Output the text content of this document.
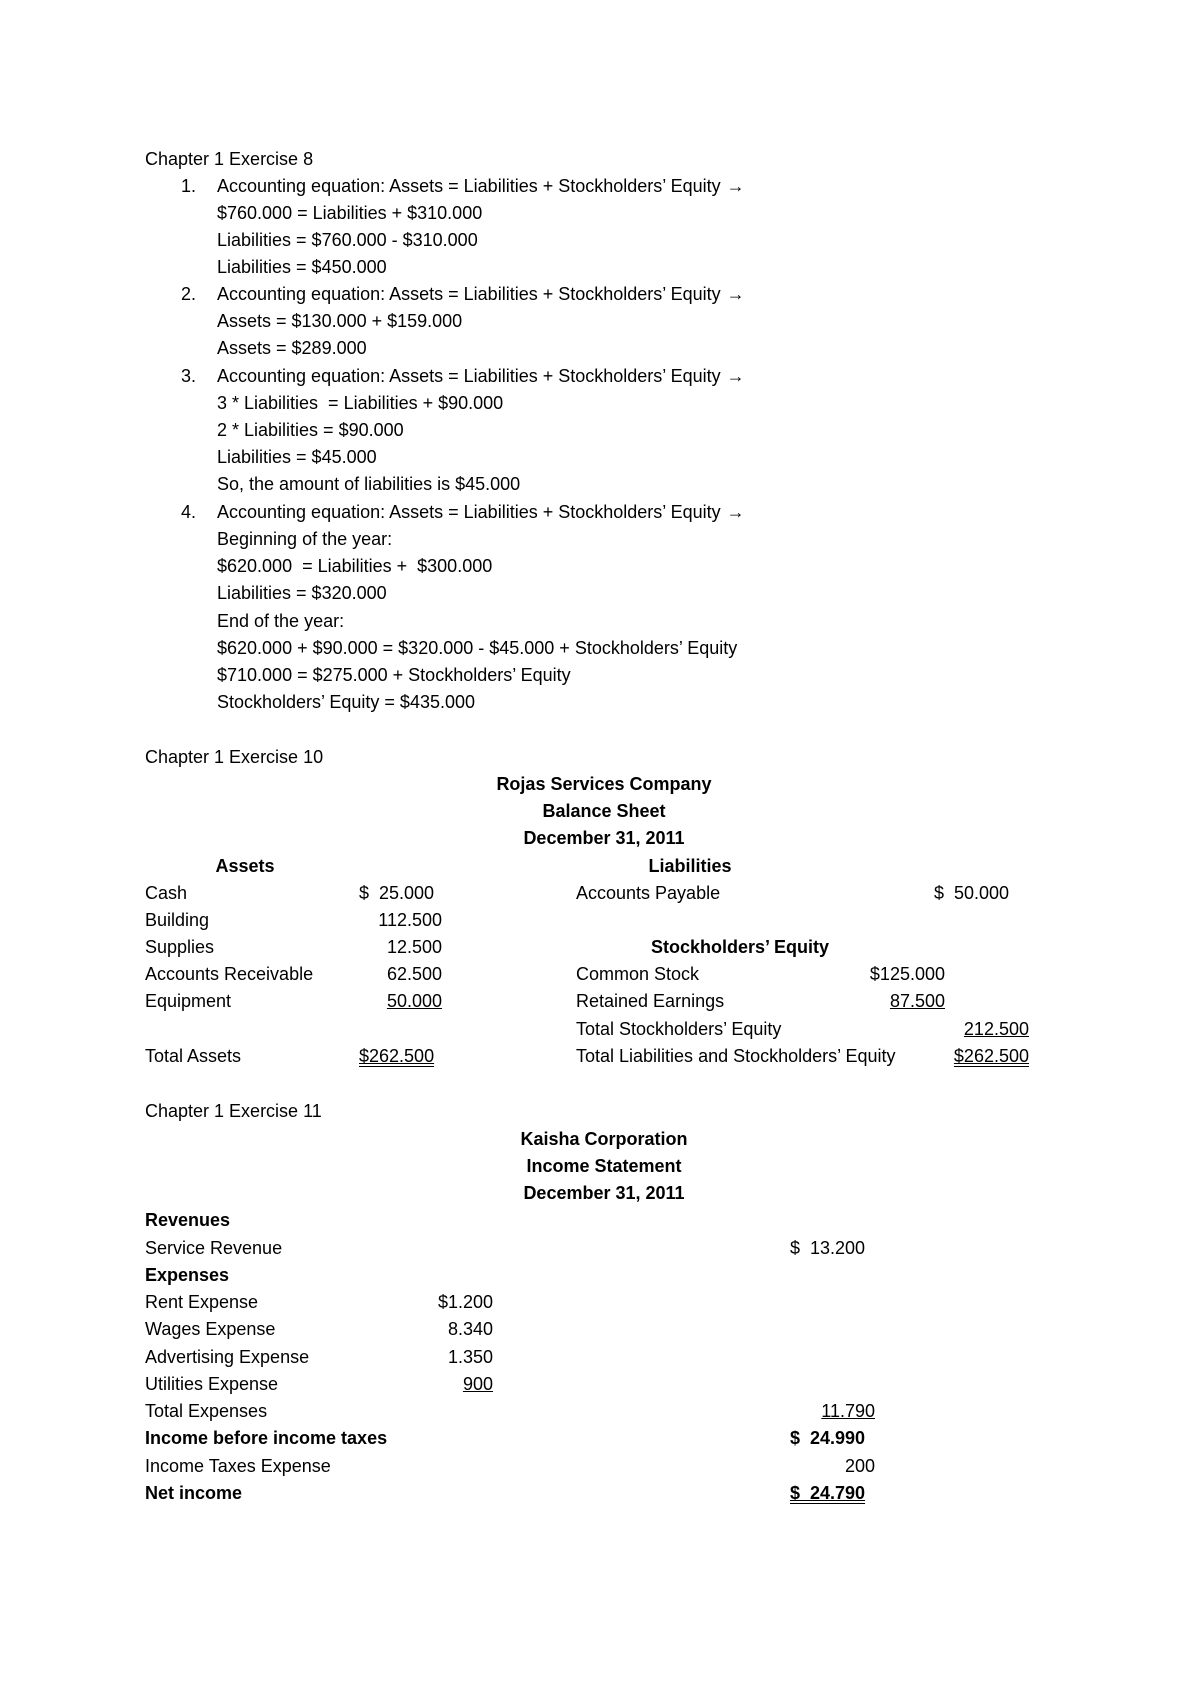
Chapter 1 Exercise 8
1. Accounting equation: Assets = Liabilities + Stockholders’ Equity →
$760.000 = Liabilities + $310.000
Liabilities = $760.000 - $310.000
Liabilities = $450.000
2. Accounting equation: Assets = Liabilities + Stockholders’ Equity →
Assets = $130.000 + $159.000
Assets = $289.000
3. Accounting equation: Assets = Liabilities + Stockholders’ Equity →
3 * Liabilities  = Liabilities + $90.000
2 * Liabilities = $90.000
Liabilities = $45.000
So, the amount of liabilities is $45.000
4. Accounting equation: Assets = Liabilities + Stockholders’ Equity →
Beginning of the year:
$620.000  = Liabilities +  $300.000
Liabilities = $320.000
End of the year:
$620.000 + $90.000 = $320.000 - $45.000 + Stockholders’ Equity
$710.000 = $275.000 + Stockholders’ Equity
Stockholders’ Equity = $435.000
Chapter 1 Exercise 10
Rojas Services Company
Balance Sheet
December 31, 2011
Assets	Liabilities
Cash	$  25.000
Building	112.500
Supplies	12.500
Accounts Receivable	62.500
Equipment	50.000
Total Assets	$262.500
Accounts Payable	$  50.000
Stockholders’ Equity
Common Stock	$125.000
Retained Earnings	87.500
Total Stockholders’ Equity	212.500
Total Liabilities and Stockholders’ Equity	$262.500
Chapter 1 Exercise 11
Kaisha Corporation
Income Statement
December 31, 2011
Revenues
Service Revenue	$  13.200
Expenses
Rent Expense	$1.200
Wages Expense	8.340
Advertising Expense	1.350
Utilities Expense	900
Total Expenses	11.790
Income before income taxes	$  24.990
Income Taxes Expense	200
Net income	$  24.790
